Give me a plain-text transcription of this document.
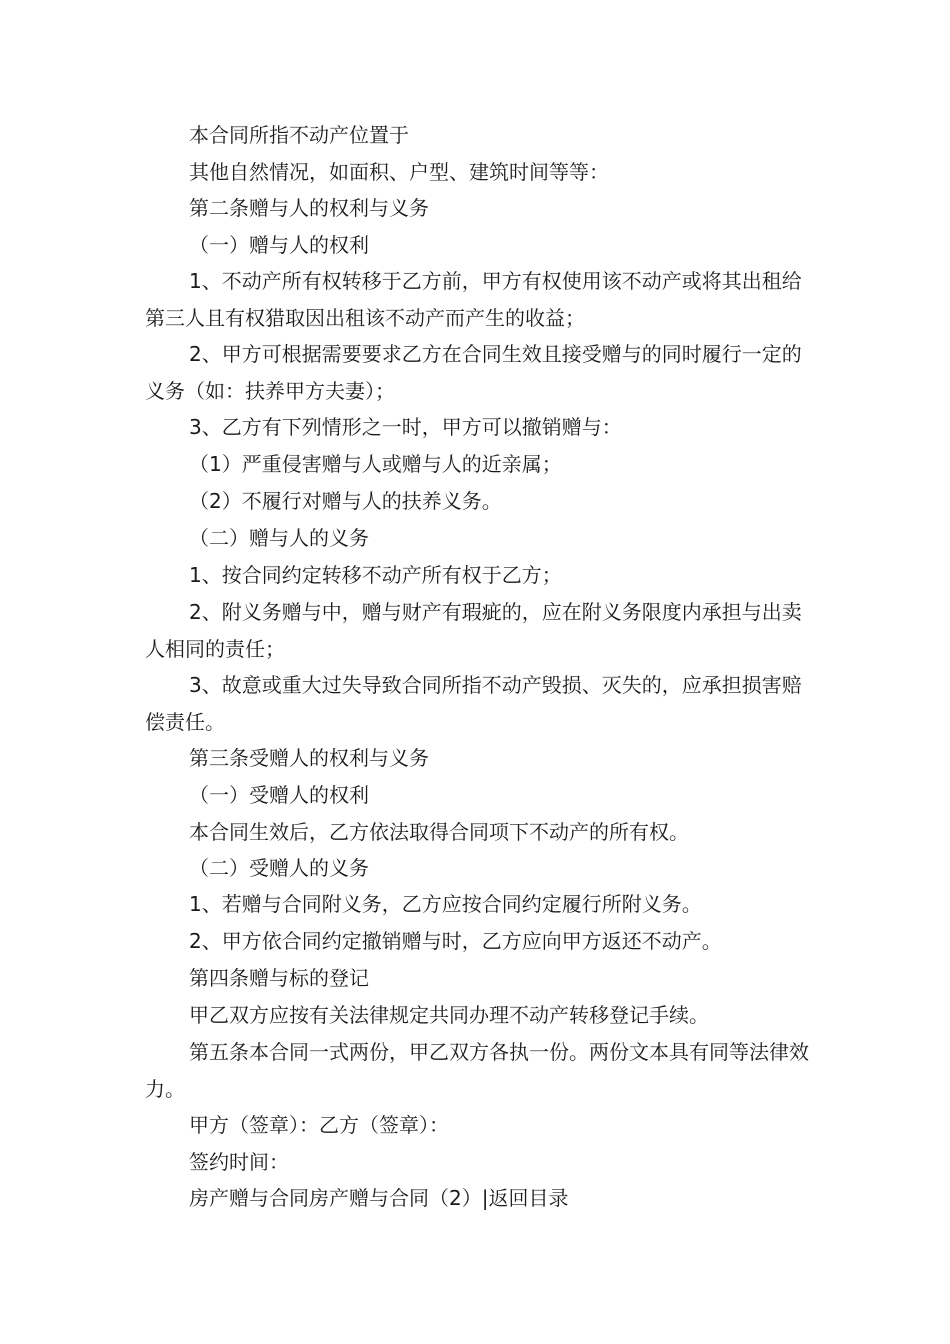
本合同所指不动产位置于

其他自然情况，如面积、户型、建筑时间等等：

第二条赠与人的权利与义务

（一）赠与人的权利

1、不动产所有权转移于乙方前，甲方有权使用该不动产或将其出租给第三人且有权猎取因出租该不动产而产生的收益；

2、甲方可根据需要要求乙方在合同生效且接受赠与的同时履行一定的义务（如：扶养甲方夫妻）；

3、乙方有下列情形之一时，甲方可以撤销赠与：

（1）严重侵害赠与人或赠与人的近亲属；

（2）不履行对赠与人的扶养义务。

（二）赠与人的义务

1、按合同约定转移不动产所有权于乙方；

2、附义务赠与中，赠与财产有瑕疵的，应在附义务限度内承担与出卖人相同的责任；

3、故意或重大过失导致合同所指不动产毁损、灭失的，应承担损害赔偿责任。

第三条受赠人的权利与义务

（一）受赠人的权利

本合同生效后，乙方依法取得合同项下不动产的所有权。

（二）受赠人的义务

1、若赠与合同附义务，乙方应按合同约定履行所附义务。

2、甲方依合同约定撤销赠与时，乙方应向甲方返还不动产。

第四条赠与标的登记

甲乙双方应按有关法律规定共同办理不动产转移登记手续。

第五条本合同一式两份，甲乙双方各执一份。两份文本具有同等法律效力。

甲方（签章）：乙方（签章）：

签约时间：

房产赠与合同房产赠与合同（2）|返回目录
